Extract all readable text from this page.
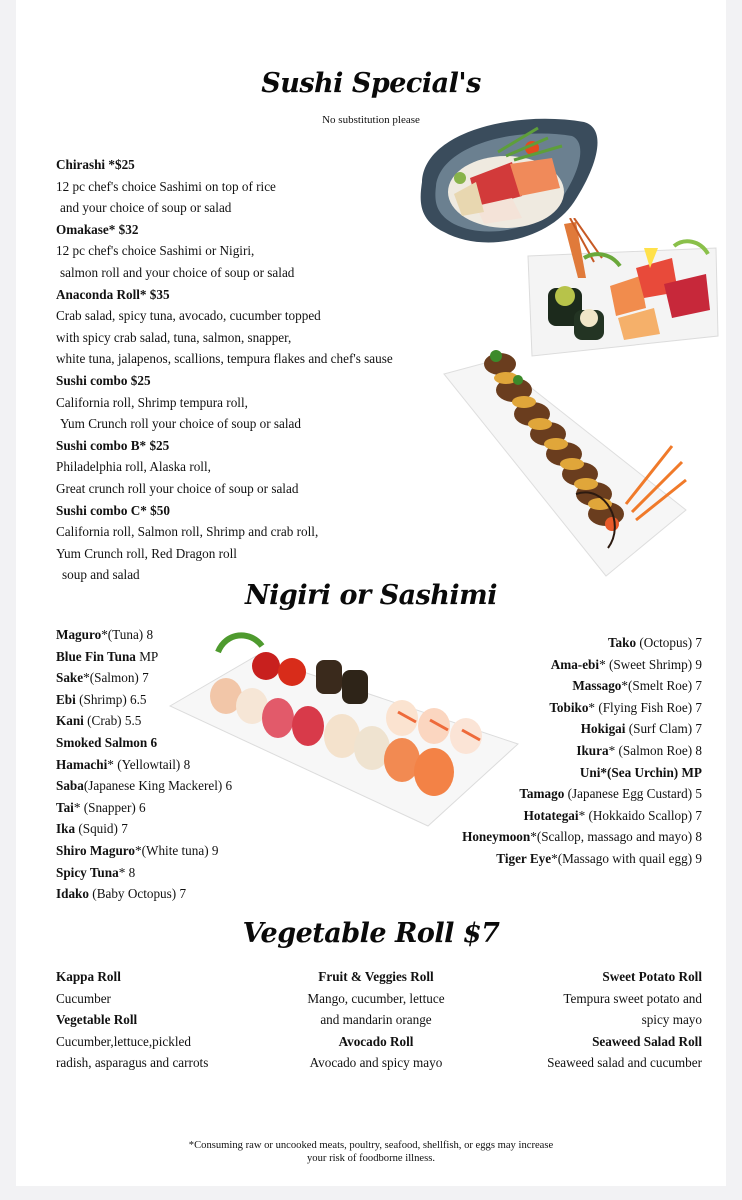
Sushi Special's
No substitution please
Chirashi *$25
12 pc chef's choice Sashimi on top of rice
and your choice of soup or salad
Omakase* $32
12 pc chef's choice Sashimi or Nigiri,
salmon roll and your choice of soup or salad
Anaconda Roll* $35
Crab salad, spicy tuna, avocado, cucumber topped
with spicy crab salad, tuna, salmon, snapper,
white tuna, jalapenos, scallions, tempura flakes and chef's sause
Sushi combo $25
California roll, Shrimp tempura roll,
Yum Crunch roll your choice of soup or salad
Sushi combo B* $25
Philadelphia roll, Alaska roll,
Great crunch roll your choice of soup or salad
Sushi combo C* $50
California roll, Salmon roll, Shrimp and crab roll,
Yum Crunch roll, Red Dragon roll
soup and salad
Nigiri or Sashimi
Maguro*(Tuna) 8
Blue Fin Tuna MP
Sake*(Salmon) 7
Ebi (Shrimp) 6.5
Kani (Crab) 5.5
Smoked Salmon 6
Hamachi* (Yellowtail) 8
Saba(Japanese King Mackerel) 6
Tai* (Snapper) 6
Ika (Squid) 7
Shiro Maguro*(White tuna) 9
Spicy Tuna* 8
Idako (Baby Octopus) 7
Tako (Octopus) 7
Ama-ebi* (Sweet Shrimp) 9
Massago*(Smelt Roe) 7
Tobiko* (Flying Fish Roe) 7
Hokigai (Surf Clam) 7
Ikura* (Salmon Roe) 8
Uni*(Sea Urchin) MP
Tamago (Japanese Egg Custard) 5
Hotategai* (Hokkaido Scallop) 7
Honeymoon*(Scallop, massago and mayo) 8
Tiger Eye*(Massago with quail egg) 9
Vegetable Roll $7
Kappa Roll
Cucumber
Vegetable Roll
Cucumber,lettuce,pickled
radish, asparagus and carrots
Fruit & Veggies Roll
Mango, cucumber, lettuce
and mandarin orange
Avocado Roll
Avocado and spicy mayo
Sweet Potato Roll
Tempura sweet potato and
spicy mayo
Seaweed Salad Roll
Seaweed salad and cucumber
*Consuming raw or uncooked meats, poultry, seafood, shellfish, or eggs may increase
your risk of foodborne illness.
